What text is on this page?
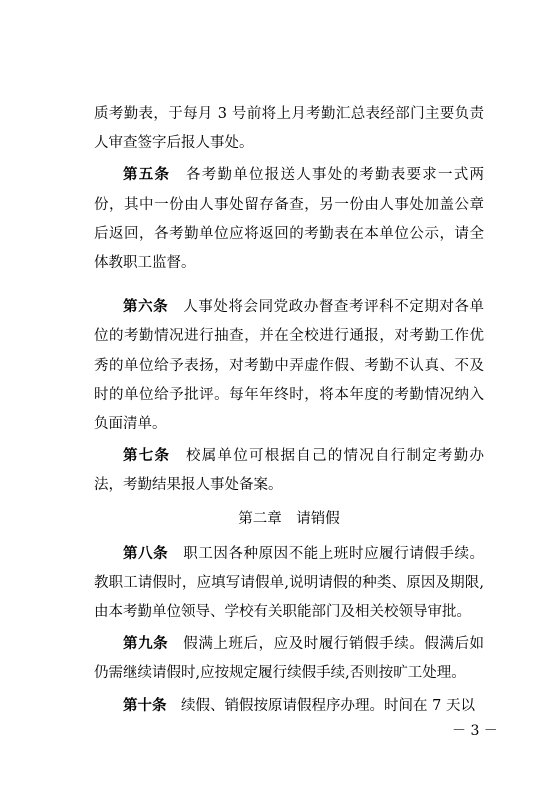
质考勤表，于每月 3 号前将上月考勤汇总表经部门主要负责人审查签字后报人事处。

第五条　 各考勤单位报送人事处的考勤表要求一式两份，其中一份由人事处留存备查，另一份由人事处加盖公章后返回，各考勤单位应将返回的考勤表在本单位公示，请全体教职工监督。

第六条　 人事处将会同党政办督查考评科不定期对各单位的考勤情况进行抽查，并在全校进行通报，对考勤工作优秀的单位给予表扬，对考勤中弄虚作假、考勤不认真、不及时的单位给予批评。每年年终时，将本年度的考勤情况纳入负面清单。

第七条　 校属单位可根据自己的情况自行制定考勤办法，考勤结果报人事处备案。

第二章　请销假

第八条　 职工因各种原因不能上班时应履行请假手续。教职工请假时，应填写请假单,说明请假的种类、原因及期限,由本考勤单位领导、学校有关职能部门及相关校领导审批。

第九条　 假满上班后，应及时履行销假手续。假满后如仍需继续请假时,应按规定履行续假手续,否则按旷工处理。

第十条　 续假、销假按原请假程序办理。时间在 7 天以

－ 3 －
